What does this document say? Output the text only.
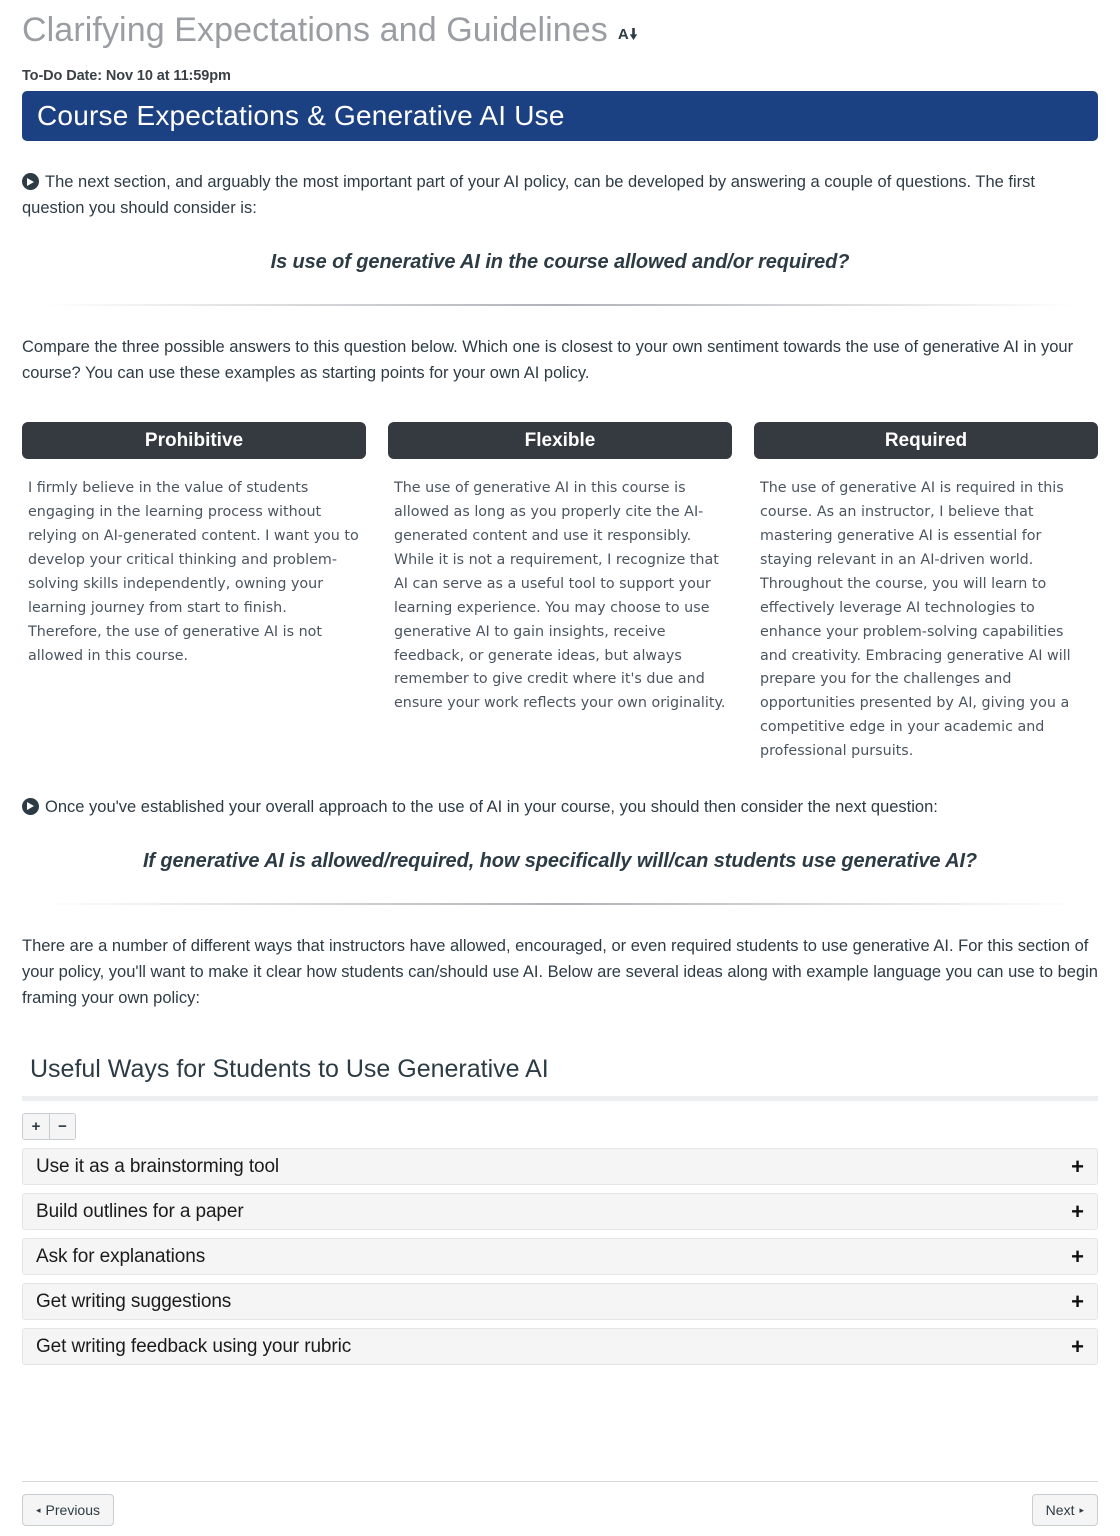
Clarifying Expectations and Guidelines A
To-Do Date: Nov 10 at 11:59pm
Course Expectations & Generative AI Use
The next section, and arguably the most important part of your AI policy, can be developed by answering a couple of questions. The first question you should consider is:
Is use of generative AI in the course allowed and/or required?
Compare the three possible answers to this question below. Which one is closest to your own sentiment towards the use of generative AI in your course? You can use these examples as starting points for your own AI policy.
Prohibitive
I firmly believe in the value of students engaging in the learning process without relying on AI-generated content. I want you to develop your critical thinking and problem-solving skills independently, owning your learning journey from start to finish. Therefore, the use of generative AI is not allowed in this course.
Flexible
The use of generative AI in this course is allowed as long as you properly cite the AI-generated content and use it responsibly. While it is not a requirement, I recognize that AI can serve as a useful tool to support your learning experience. You may choose to use generative AI to gain insights, receive feedback, or generate ideas, but always remember to give credit where it's due and ensure your work reflects your own originality.
Required
The use of generative AI is required in this course. As an instructor, I believe that mastering generative AI is essential for staying relevant in an AI-driven world. Throughout the course, you will learn to effectively leverage AI technologies to enhance your problem-solving capabilities and creativity. Embracing generative AI will prepare you for the challenges and opportunities presented by AI, giving you a competitive edge in your academic and professional pursuits.
Once you've established your overall approach to the use of AI in your course, you should then consider the next question:
If generative AI is allowed/required, how specifically will/can students use generative AI?
There are a number of different ways that instructors have allowed, encouraged, or even required students to use generative AI. For this section of your policy, you'll want to make it clear how students can/should use AI. Below are several ideas along with example language you can use to begin framing your own policy:
Useful Ways for Students to Use Generative AI
+	−
Use it as a brainstorming tool	+
Build outlines for a paper	+
Ask for explanations	+
Get writing suggestions	+
Get writing feedback using your rubric	+
◂ Previous	Next ▸
